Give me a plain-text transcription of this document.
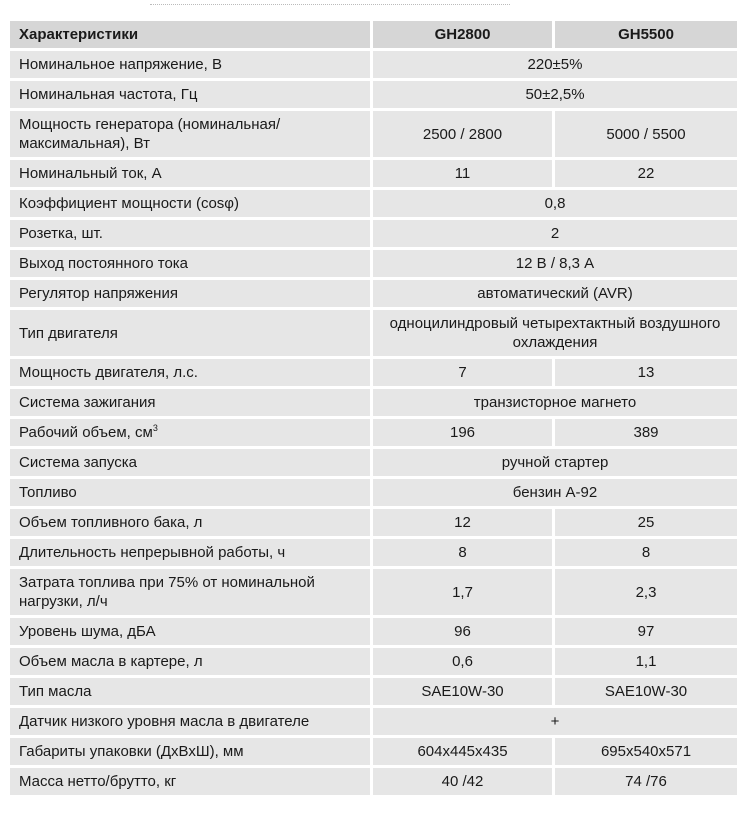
Характеристики	GH2800	GH5500
Номинальное напряжение, В	220±5%	
Номинальная частота, Гц	50±2,5%	
Мощность генератора (номинальная/ максимальная), Вт	2500 / 2800	5000 / 5500
Номинальный ток, А	11	22
Коэффициент мощности (cosφ)	0,8	
Розетка, шт.	2	
Выход постоянного тока	12 В / 8,3 А	
Регулятор напряжения	автоматический (AVR)	
Тип двигателя	одноцилиндровый четырехтактный воздушного охлаждения	
Мощность двигателя, л.с.	7	13
Система зажигания	транзисторное магнето	
Рабочий объем, $см^3$	196	389
Система запуска	ручной стартер	
Топливо	бензин А-92	
Объем топливного бака, л	12	25
Длительность непрерывной работы, ч	8	8
Затрата топлива при 75% от номинальной нагрузки, л/ч	1,7	2,3
Уровень шума, дБА	96	97
Объем масла в картере, л	0,6	1,1
Тип масла	SAE10W-30	SAE10W-30
Датчик низкого уровня масла в двигателе	+	
Габариты упаковки (ДхВхШ), мм	604x445x435	695x540x571
Масса нетто/брутто, кг	40 /42	74 /76
